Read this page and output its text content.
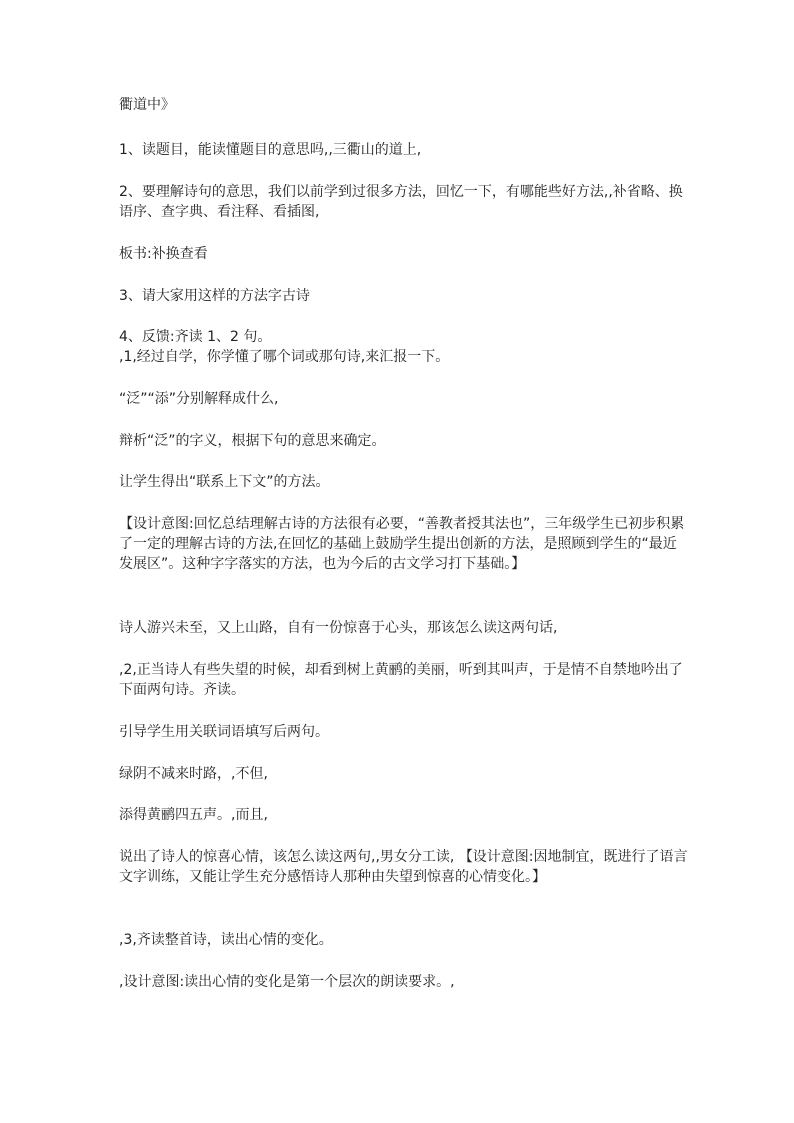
衢道中》

1、读题目，能读懂题目的意思吗,,三衢山的道上,

2、要理解诗句的意思，我们以前学到过很多方法，回忆一下，有哪能些好方法,,补省略、换语序、查字典、看注释、看插图,

板书:补换查看

3、请大家用这样的方法字古诗

4、反馈:齐读 1、2 句。

,1,经过自学，你学懂了哪个词或那句诗,来汇报一下。

“泛”“添”分别解释成什么,

辩析“泛”的字义，根据下句的意思来确定。

让学生得出“联系上下文”的方法。

【设计意图:回忆总结理解古诗的方法很有必要，“善教者授其法也”，三年级学生已初步积累了一定的理解古诗的方法,在回忆的基础上鼓励学生提出创新的方法，是照顾到学生的“最近发展区”。这种字字落实的方法，也为今后的古文学习打下基础。】

诗人游兴未至，又上山路，自有一份惊喜于心头，那该怎么读这两句话,

,2,正当诗人有些失望的时候，却看到树上黄鹂的美丽，听到其叫声，于是情不自禁地吟出了下面两句诗。齐读。

引导学生用关联词语填写后两句。

绿阴不减来时路，,不但,

添得黄鹂四五声。,而且,

说出了诗人的惊喜心情，该怎么读这两句,,男女分工读, 【设计意图:因地制宜，既进行了语言文字训练，又能让学生充分感悟诗人那种由失望到惊喜的心情变化。】

,3,齐读整首诗，读出心情的变化。

,设计意图:读出心情的变化是第一个层次的朗读要求。,
